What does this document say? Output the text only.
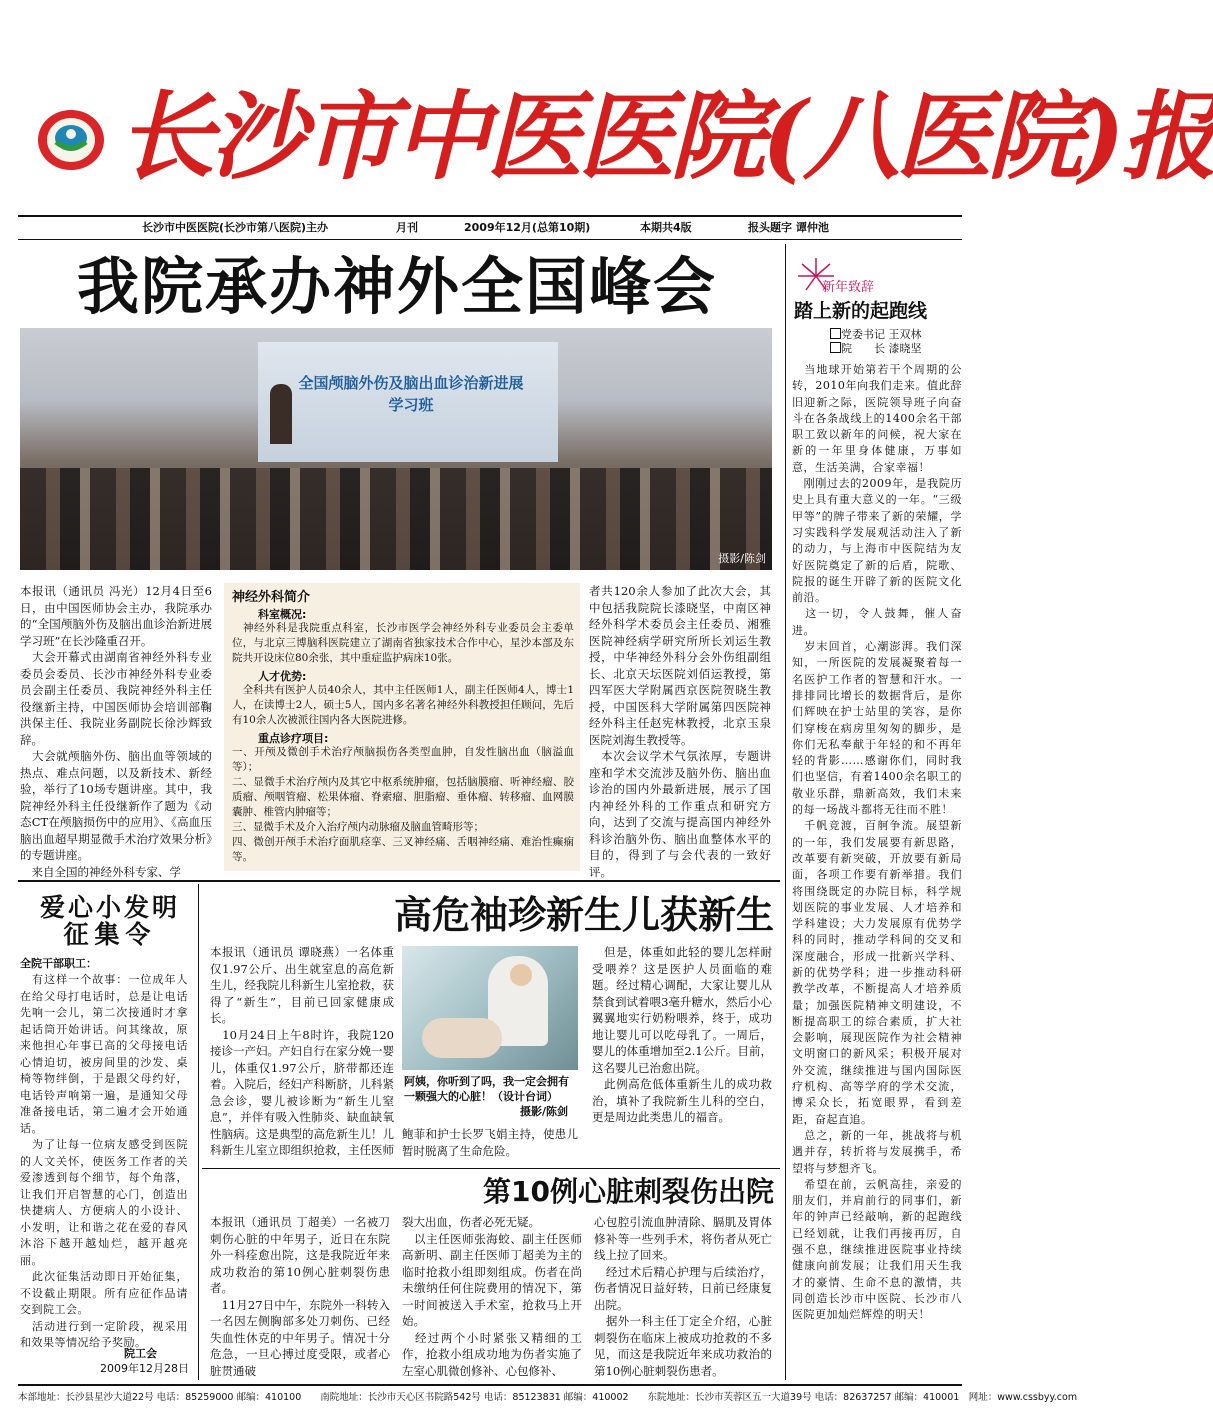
长沙市中医医院(八医院)报
长沙市中医医院(长沙市第八医院)主办	月刊	2009年12月(总第10期)	本期共4版	报头题字 谭仲池
我院承办神外全国峰会
全国颅脑外伤及脑出血诊治新进展学习班
摄影/陈剑
本报讯（通讯员 冯光）12月4日至6日，由中国医师协会主办，我院承办的“全国颅脑外伤及脑出血诊治新进展学习班”在长沙隆重召开。
　大会开幕式由湖南省神经外科专业委员会委员、长沙市神经外科专业委员会副主任委员、我院神经外科主任役继新主持，中国医师协会培训部鞠洪保主任、我院业务副院长徐沙辉致辞。
　大会就颅脑外伤、脑出血等领域的热点、难点问题，以及新技术、新经验，举行了10场专题讲座。其中，我院神经外科主任役继新作了题为《动态CT在颅脑损伤中的应用》、《高血压脑出血超早期显微手术治疗效果分析》的专题讲座。
　来自全国的神经外科专家、学
神经外科简介
科室概况:
　神经外科是我院重点科室，长沙市医学会神经外科专业委员会主委单位，与北京三博脑科医院建立了湖南省独家技术合作中心，星沙本部及东院共开设床位80余张，其中重症监护病床10张。
人才优势:
　全科共有医护人员40余人，其中主任医师1人，副主任医师4人，博士1人，在读博士2人，硕士5人，国内多名著名神经外科教授担任顾问，先后有10余人次被派往国内各大医院进修。
重点诊疗项目:
一、开颅及微创手术治疗颅脑损伤各类型血肿，自发性脑出血（脑溢血等）；
二、显微手术治疗颅内及其它中枢系统肿瘤，包括脑膜瘤、听神经瘤、胶质瘤、颅咽管瘤、松果体瘤、脊索瘤、胆脂瘤、垂体瘤、转移瘤、血网膜囊肿、椎管内肿瘤等；
三、显微手术及介入治疗颅内动脉瘤及脑血管畸形等；
四、微创开颅手术治疗面肌痉挛、三叉神经痛、舌咽神经痛、难治性癫痫等。
者共120余人参加了此次大会，其中包括我院院长漆晓坚，中南区神经外科学术委员会主任委员、湘雅医院神经病学研究所所长刘运生教授，中华神经外科分会外伤组副组长、北京天坛医院刘佰运教授，第四军医大学附属西京医院贺晓生教授，中国医科大学附属第四医院神经外科主任赵宪林教授，北京玉泉医院刘海生教授等。
　本次会议学术气氛浓厚，专题讲座和学术交流涉及脑外伤、脑出血诊治的国内外最新进展，展示了国内神经外科的工作重点和研究方向，达到了交流与提高国内神经外科诊治脑外伤、脑出血整体水平的目的，得到了与会代表的一致好评。
新年致辞
踏上新的起跑线
党委书记 王双林
院　　长 漆晓坚
　当地球开始第若干个周期的公转，2010年向我们走来。值此辞旧迎新之际，医院领导班子向奋斗在各条战线上的1400余名干部职工致以新年的问候，祝大家在新的一年里身体健康，万事如意，生活美满，合家幸福！
　刚刚过去的2009年，是我院历史上具有重大意义的一年。“三级甲等”的牌子带来了新的荣耀，学习实践科学发展观活动注入了新的动力，与上海市中医院结为友好医院奠定了新的后盾，院歌、院报的诞生开辟了新的医院文化前沿。
　这一切，令人鼓舞，催人奋进。
　岁末回首，心潮澎湃。我们深知，一所医院的发展凝聚着每一名医护工作者的智慧和汗水。一排排同比增长的数据背后，是你们辉映在护士站里的笑容，是你们穿梭在病房里匆匆的脚步，是你们无私奉献于年轻的和不再年轻的背影……感谢你们，同时我们也坚信，有着1400余名职工的敬业乐群，鼎新高效，我们未来的每一场战斗都将无往而不胜！
　千帆竞渡，百舸争流。展望新的一年，我们发展要有新思路，改革要有新突破，开放要有新局面，各项工作要有新举措。我们将围绕既定的办院目标，科学规划医院的事业发展、人才培养和学科建设；大力发展原有优势学科的同时，推动学科间的交叉和深度融合，形成一批新兴学科、新的优势学科；进一步推动科研教学改革，不断提高人才培养质量；加强医院精神文明建设，不断提高职工的综合素质，扩大社会影响，展现医院作为社会精神文明窗口的新风采；积极开展对外交流，继续推进与国内国际医疗机构、高等学府的学术交流，博采众长，拓宽眼界，看到差距，奋起直追。
　总之，新的一年，挑战将与机遇并存，转折将与发展携手，希望将与梦想齐飞。
　希望在前，云帆高挂，亲爱的朋友们，并肩前行的同事们，新年的钟声已经敲响，新的起跑线已经划就，让我们再接再厉，自强不息，继续推进医院事业持续健康向前发展；让我们用天生我才的豪情、生命不息的激情，共同创造长沙市中医院、长沙市八医院更加灿烂辉煌的明天！
爱心小发明
征集令
全院干部职工：
　有这样一个故事：一位成年人在给父母打电话时，总是让电话先响一会儿，第二次接通时才拿起话筒开始讲话。问其缘故，原来他担心年事已高的父母接电话心情迫切，被房间里的沙发、桌椅等物绊倒，于是跟父母约好，电话铃声响第一遍，是通知父母准备接电话，第二遍才会开始通话。
　为了让每一位病友感受到医院的人文关怀，使医务工作者的关爱渗透到每个细节，每个角落，让我们开启智慧的心门，创造出快捷病人、方便病人的小设计、小发明，让和谐之花在爱的春风沐浴下越开越灿烂，越开越亮丽。
　此次征集活动即日开始征集，不设截止期限。所有应征作品请交到院工会。
　活动进行到一定阶段，视采用和效果等情况给予奖励。
院工会
2009年12月28日
高危袖珍新生儿获新生
本报讯（通讯员 谭晓燕）一名体重仅1.97公斤、出生就室息的高危新生儿，经我院儿科新生儿室抢救，获得了“新生”，目前已回家健康成长。
　10月24日上午8时许，我院120接诊一产妇。产妇自行在家分娩一婴儿，体重仅1.97公斤，脐带都还连着。入院后，经妇产科断脐，儿科紧急会诊，婴儿被诊断为“新生儿窒息”，并伴有吸入性肺炎、缺血缺氧性脑病。这是典型的高危新生儿！儿科新生儿室立即组织抢救，主任医师
阿姨，你听到了吗，我一定会拥有一颗强大的心脏！（设计台词）
摄影/陈剑
鲍菲和护士长罗飞娟主持，使患儿暂时脱离了生命危险。
　但是，体重如此轻的婴儿怎样耐受喂养？这是医护人员面临的难题。经过精心调配，大家让婴儿从禁食到试着喂3毫升糖水，然后小心翼翼地实行奶粉喂养，终于，成功地让婴儿可以吃母乳了。一周后，婴儿的体重增加至2.1公斤。目前，这名婴儿已治愈出院。
　此例高危低体重新生儿的成功救治，填补了我院新生儿科的空白，更是周边此类患儿的福音。
第10例心脏刺裂伤出院
本报讯（通讯员 丁超美）一名被刀刺伤心脏的中年男子，近日在东院外一科痊愈出院，这是我院近年来成功救治的第10例心脏刺裂伤患者。
　11月27日中午，东院外一科转入一名因左侧胸部多处刀刺伤、已经失血性休克的中年男子。情况十分危急，一旦心搏过度受限，或者心脏贯通破
裂大出血，伤者必死无疑。
　以主任医师张海蛟、副主任医师高新明、副主任医师丁超美为主的临时抢救小组即刻组成。伤者在尚未缴纳任何住院费用的情况下，第一时间被送入手术室，抢救马上开始。
　经过两个小时紧张又精细的工作，抢救小组成功地为伤者实施了左室心肌微创修补、心包修补、
心包腔引流血肿清除、膈肌及胃体修补等一些列手术，将伤者从死亡线上拉了回来。
　经过术后精心护理与后续治疗，伤者情况日益好转，日前已经康复出院。
　据外一科主任丁定全介绍，心脏刺裂伤在临床上被成功抢救的不多见，而这是我院近年来成功救治的第10例心脏刺裂伤患者。
本部地址：长沙县星沙大道22号 电话：85259000 邮编：410100　　南院地址：长沙市天心区书院路542号 电话：85123831 邮编：410002　　东院地址：长沙市芙蓉区五一大道39号 电话：82637257 邮编：410001　网址：www.cssbyy.com
